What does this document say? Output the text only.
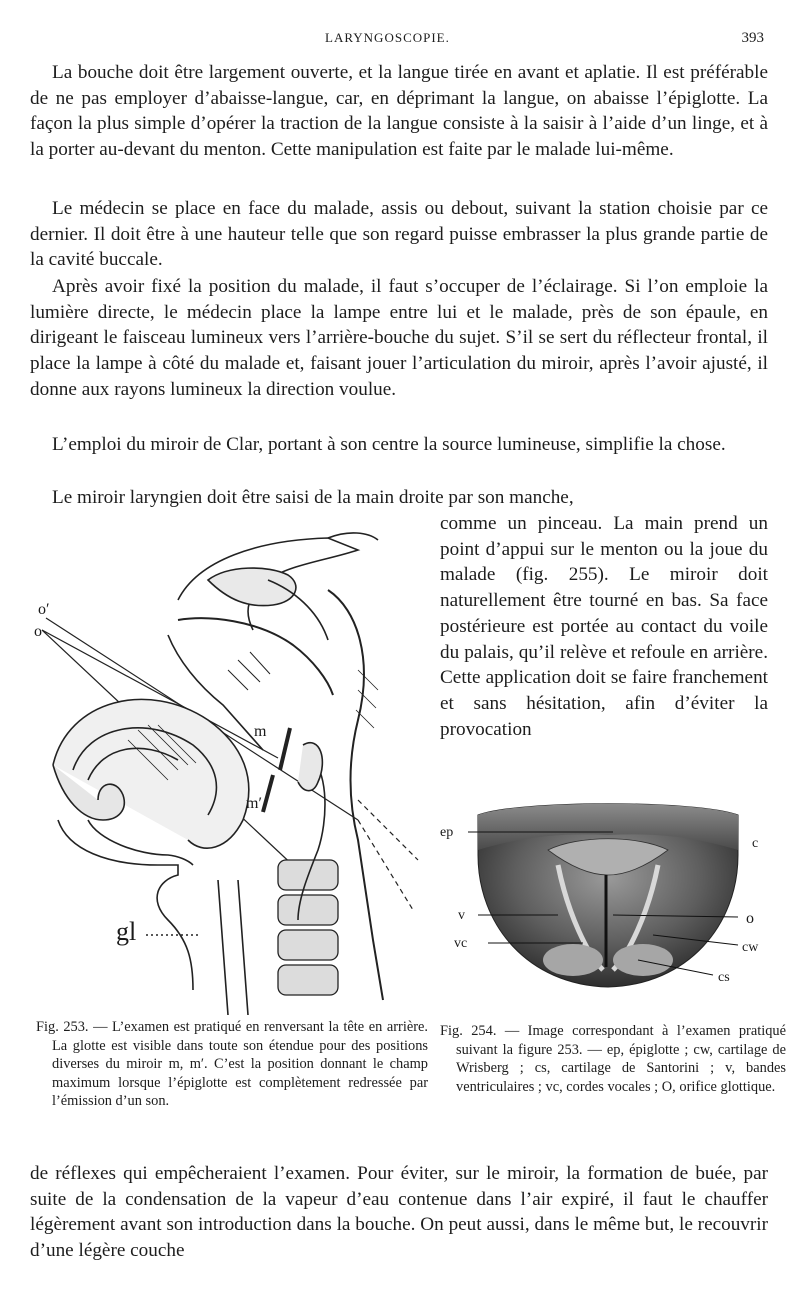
LARYNGOSCOPIE.	393

La bouche doit être largement ouverte, et la langue tirée en avant et aplatie. Il est préférable de ne pas employer d’abaisse-langue, car, en déprimant la langue, on abaisse l’épiglotte. La façon la plus simple d’opérer la traction de la langue consiste à la saisir à l’aide d’un linge, et à la porter au-devant du menton. Cette manipulation est faite par le malade lui-même.

Le médecin se place en face du malade, assis ou debout, suivant la station choisie par ce dernier. Il doit être à une hauteur telle que son regard puisse embrasser la plus grande partie de la cavité buccale.

Après avoir fixé la position du malade, il faut s’occuper de l’éclairage. Si l’on emploie la lumière directe, le médecin place la lampe entre lui et le malade, près de son épaule, en dirigeant le faisceau lumineux vers l’arrière-bouche du sujet. S’il se sert du réflecteur frontal, il place la lampe à côté du malade et, faisant jouer l’articulation du miroir, après l’avoir ajusté, il donne aux rayons lumineux la direction voulue.

L’emploi du miroir de Clar, portant à son centre la source lumineuse, simplifie la chose.

Le miroir laryngien doit être saisi de la main droite par son manche,

comme un pinceau. La main prend un point d’appui sur le menton ou la joue du malade (fig. 255). Le miroir doit naturellement être tourné en bas. Sa face postérieure est portée au contact du voile du palais, qu’il relève et refoule en arrière. Cette application doit se faire franchement et sans hésitation, afin d’éviter la provocation

o′
o
m
m′
gl
ep
c
v	o
vc	cw
cs

Fig. 253. — L’examen est pratiqué en renversant la tête en arrière. La glotte est visible dans toute son étendue pour des positions diverses du miroir m, m′. C’est la position donnant le champ maximum lorsque l’épiglotte est complètement redressée par l’émission d’un son.

Fig. 254. — Image correspondant à l’examen pratiqué suivant la figure 253. — ep, épiglotte ; cw, cartilage de Wrisberg ; cs, cartilage de Santorini ; v, bandes ventriculaires ; vc, cordes vocales ; O, orifice glottique.

de réflexes qui empêcheraient l’examen. Pour éviter, sur le miroir, la formation de buée, par suite de la condensation de la vapeur d’eau contenue dans l’air expiré, il faut le chauffer légèrement avant son introduction dans la bouche. On peut aussi, dans le même but, le recouvrir d’une légère couche
